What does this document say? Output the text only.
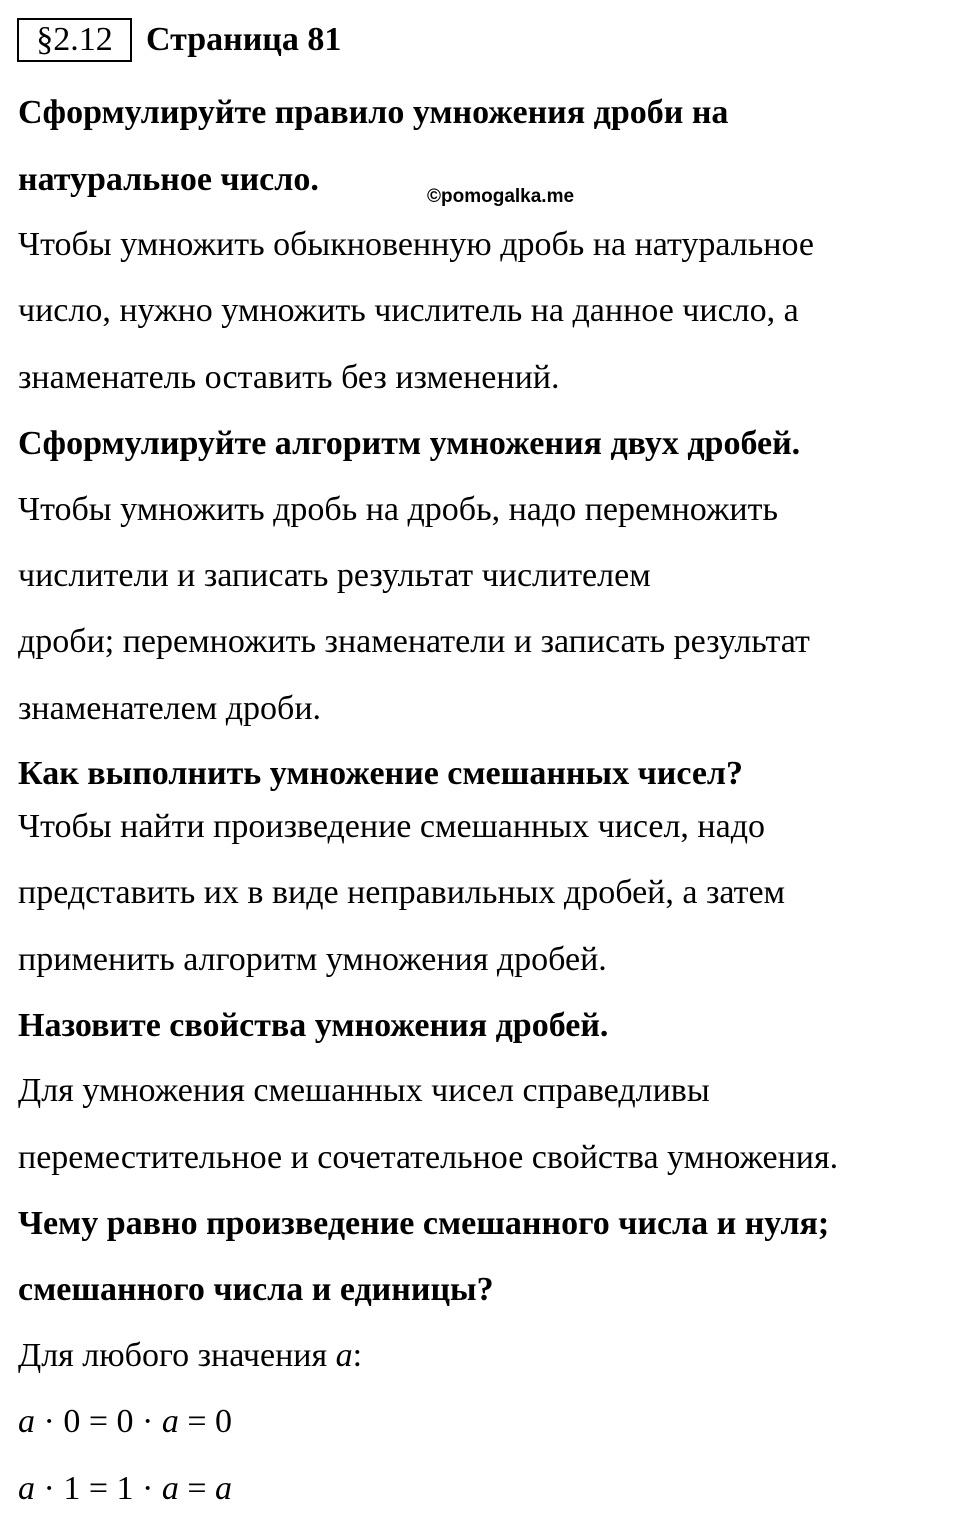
§2.12 Страница 81
Сформулируйте правило умножения дроби на
натуральное число.	©pomogalka.me
Чтобы умножить обыкновенную дробь на натуральное
число, нужно умножить числитель на данное число, а
знаменатель оставить без изменений.
Сформулируйте алгоритм умножения двух дробей.
Чтобы умножить дробь на дробь, надо перемножить
числители и записать результат числителем
дроби; перемножить знаменатели и записать результат
знаменателем дроби.
Как выполнить умножение смешанных чисел?
Чтобы найти произведение смешанных чисел, надо
представить их в виде неправильных дробей, а затем
применить алгоритм умножения дробей.
Назовите свойства умножения дробей.
Для умножения смешанных чисел справедливы
переместительное и сочетательное свойства умножения.
Чему равно произведение смешанного числа и нуля;
смешанного числа и единицы?
Для любого значения a:
a · 0 = 0 · a = 0
a · 1 = 1 · a = a
